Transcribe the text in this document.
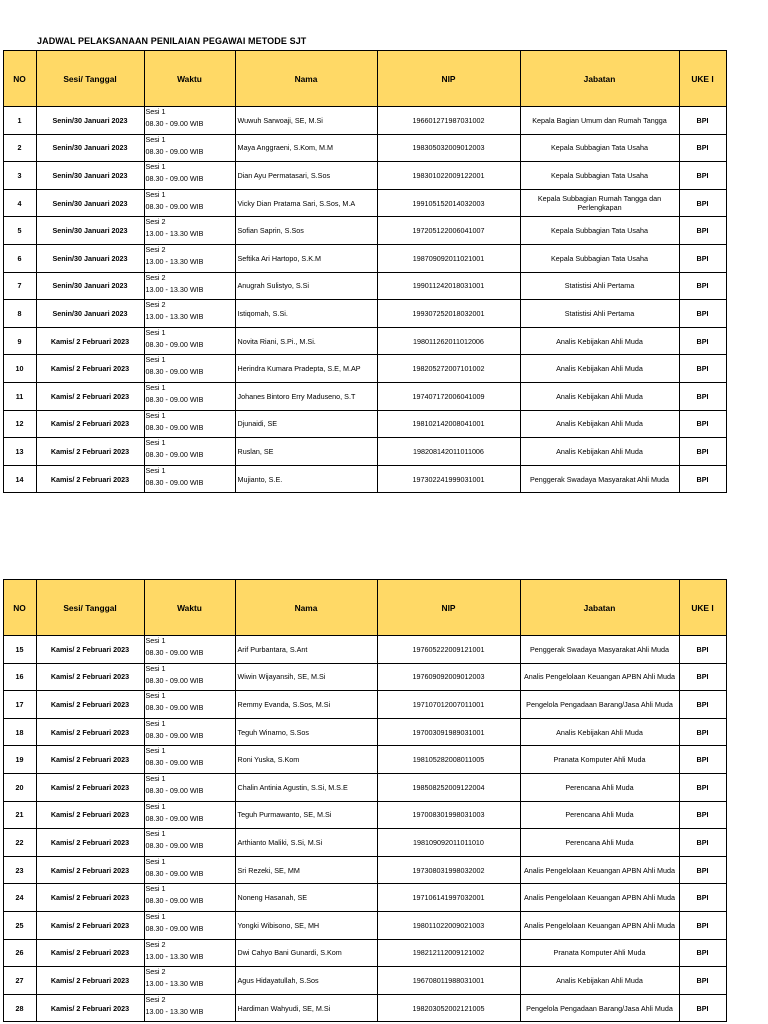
JADWAL PELAKSANAAN PENILAIAN PEGAWAI METODE SJT
	NO	Sesi/ Tanggal	Waktu	Nama	NIP	Jabatan	UKE I
	1	Senin/30 Januari 2023	Sesi 1
08.30 - 09.00 WIB	Wuwuh Sarwoaji, SE, M.Si	196601271987031002	Kepala Bagian Umum dan Rumah Tangga	BPI
	2	Senin/30 Januari 2023	Sesi 1
08.30 - 09.00 WIB	Maya Anggraeni, S.Kom, M.M	198305032009012003	Kepala Subbagian Tata Usaha	BPI
	3	Senin/30 Januari 2023	Sesi 1
08.30 - 09.00 WIB	Dian Ayu Permatasari, S.Sos	198301022009122001	Kepala Subbagian Tata Usaha	BPI
	4	Senin/30 Januari 2023	Sesi 1
08.30 - 09.00 WIB	Vicky Dian Pratama Sari, S.Sos, M.A	199105152014032003	Kepala Subbagian Rumah Tangga dan Perlengkapan	BPI
	5	Senin/30 Januari 2023	Sesi 2
13.00 - 13.30 WIB	Sofian Saprin, S.Sos	197205122006041007	Kepala Subbagian Tata Usaha	BPI
	6	Senin/30 Januari 2023	Sesi 2
13.00 - 13.30 WIB	Seftika Ari Hartopo, S.K.M	198709092011021001	Kepala Subbagian Tata Usaha	BPI
	7	Senin/30 Januari 2023	Sesi 2
13.00 - 13.30 WIB	Anugrah Sulistyo, S.Si	199011242018031001	Statistisi Ahli Pertama	BPI
	8	Senin/30 Januari 2023	Sesi 2
13.00 - 13.30 WIB	Istiqomah, S.Si.	199307252018032001	Statistisi Ahli Pertama	BPI
	9	Kamis/ 2 Februari 2023	Sesi 1
08.30 - 09.00 WIB	Novita Riani, S.Pi., M.Si.	198011262011012006	Analis Kebijakan Ahli Muda	BPI
	10	Kamis/ 2 Februari 2023	Sesi 1
08.30 - 09.00 WIB	Herindra Kumara Pradepta, S.E, M.AP	198205272007101002	Analis Kebijakan Ahli Muda	BPI
	11	Kamis/ 2 Februari 2023	Sesi 1
08.30 - 09.00 WIB	Johanes Bintoro Erry Maduseno, S.T	197407172006041009	Analis Kebijakan Ahli Muda	BPI
	12	Kamis/ 2 Februari 2023	Sesi 1
08.30 - 09.00 WIB	Djunaidi, SE	198102142008041001	Analis Kebijakan Ahli Muda	BPI
	13	Kamis/ 2 Februari 2023	Sesi 1
08.30 - 09.00 WIB	Ruslan, SE	198208142011011006	Analis Kebijakan Ahli Muda	BPI
	14	Kamis/ 2 Februari 2023	Sesi 1
08.30 - 09.00 WIB	Mujianto, S.E.	197302241999031001	Penggerak Swadaya Masyarakat Ahli Muda	BPI
	NO	Sesi/ Tanggal	Waktu	Nama	NIP	Jabatan	UKE I
	15	Kamis/ 2 Februari 2023	Sesi 1
08.30 - 09.00 WIB	Arif Purbantara, S.Ant	197605222009121001	Penggerak Swadaya Masyarakat Ahli Muda	BPI
	16	Kamis/ 2 Februari 2023	Sesi 1
08.30 - 09.00 WIB	Wiwin Wijayansih, SE, M.Si	197609092009012003	Analis Pengelolaan Keuangan APBN Ahli Muda	BPI
	17	Kamis/ 2 Februari 2023	Sesi 1
08.30 - 09.00 WIB	Remmy Evanda, S.Sos, M.Si	197107012007011001	Pengelola Pengadaan Barang/Jasa Ahli Muda	BPI
	18	Kamis/ 2 Februari 2023	Sesi 1
08.30 - 09.00 WIB	Teguh Winarno, S.Sos	197003091989031001	Analis Kebijakan Ahli Muda	BPI
	19	Kamis/ 2 Februari 2023	Sesi 1
08.30 - 09.00 WIB	Roni Yuska, S.Kom	198105282008011005	Pranata Komputer Ahli Muda	BPI
	20	Kamis/ 2 Februari 2023	Sesi 1
08.30 - 09.00 WIB	Chalin Antinia Agustin, S.Si, M.S.E	198508252009122004	Perencana Ahli Muda	BPI
	21	Kamis/ 2 Februari 2023	Sesi 1
08.30 - 09.00 WIB	Teguh Purmawanto, SE, M.Si	197008301998031003	Perencana Ahli Muda	BPI
	22	Kamis/ 2 Februari 2023	Sesi 1
08.30 - 09.00 WIB	Arthianto Maliki, S.Si, M.Si	198109092011011010	Perencana Ahli Muda	BPI
	23	Kamis/ 2 Februari 2023	Sesi 1
08.30 - 09.00 WIB	Sri Rezeki, SE, MM	197308031998032002	Analis Pengelolaan Keuangan APBN Ahli Muda	BPI
	24	Kamis/ 2 Februari 2023	Sesi 1
08.30 - 09.00 WIB	Noneng Hasanah, SE	197106141997032001	Analis Pengelolaan Keuangan APBN Ahli Muda	BPI
	25	Kamis/ 2 Februari 2023	Sesi 1
08.30 - 09.00 WIB	Yongki Wibisono, SE, MH	198011022009021003	Analis Pengelolaan Keuangan APBN Ahli Muda	BPI
	26	Kamis/ 2 Februari 2023	Sesi 2
13.00 - 13.30 WIB	Dwi Cahyo Bani Gunardi, S.Kom	198212112009121002	Pranata Komputer Ahli Muda	BPI
	27	Kamis/ 2 Februari 2023	Sesi 2
13.00 - 13.30 WIB	Agus Hidayatullah, S.Sos	196708011988031001	Analis Kebijakan Ahli Muda	BPI
	28	Kamis/ 2 Februari 2023	Sesi 2
13.00 - 13.30 WIB	Hardiman Wahyudi, SE, M.Si	198203052002121005	Pengelola Pengadaan Barang/Jasa Ahli Muda	BPI
